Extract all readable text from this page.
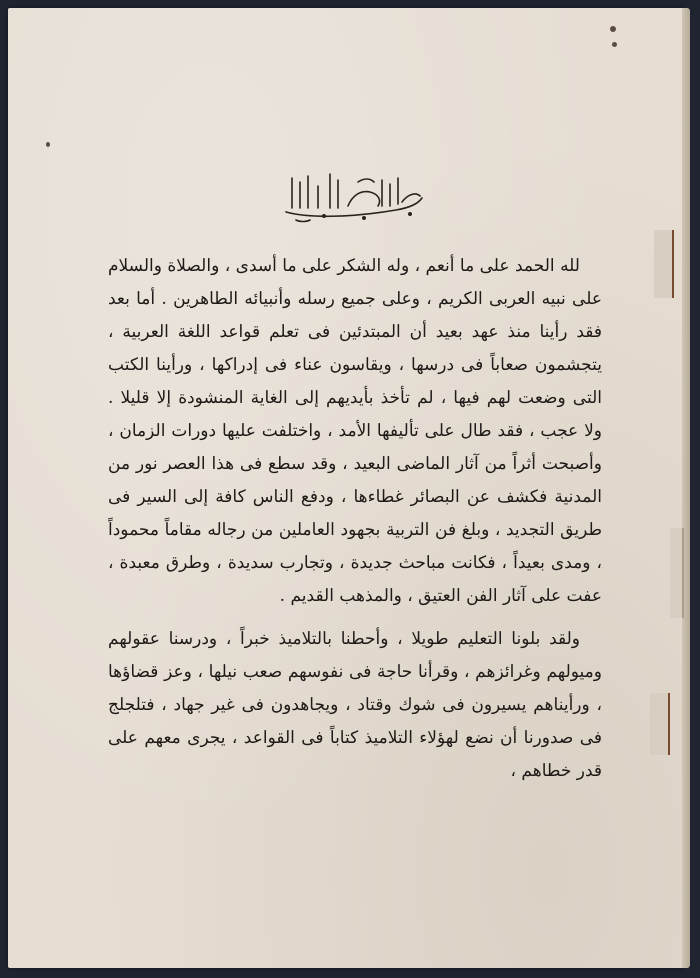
لله الحمد على ما أنعم ، وله الشكر على ما أسدى ، والصلاة والسلام على نبيه العربى الكريم ، وعلى جميع رسله وأنبيائه الطاهرين . أما بعد فقد رأينا منذ عهد بعيد أن المبتدئين فى تعلم قواعد اللغة العربية ، يتجشمون صعاباً فى درسها ، ويقاسون عناء فى إدراكها ، ورأينا الكتب التى وضعت لهم فيها ، لم تأخذ بأيديهم إلى الغاية المنشودة إلا قليلا . ولا عجب ، فقد طال على تأليفها الأمد ، واختلفت عليها دورات الزمان ، وأصبحت أثراً من آثار الماضى البعيد ، وقد سطع فى هذا العصر نور من المدنية فكشف عن البصائر غطاءها ، ودفع الناس كافة إلى السير فى طريق التجديد ، وبلغ فن التربية بجهود العاملين من رجاله مقاماً محموداً ، ومدى بعيداً ، فكانت مباحث جديدة ، وتجارب سديدة ، وطرق معبدة ، عفت على آثار الفن العتيق ، والمذهب القديم .

ولقد بلونا التعليم طويلا ، وأحطنا بالتلاميذ خبراً ، ودرسنا عقولهم وميولهم وغرائزهم ، وقرأنا حاجة فى نفوسهم صعب نيلها ، وعز قضاؤها ، ورأيناهم يسيرون فى شوك وقتاد ، ويجاهدون فى غير جهاد ، فتلجلج فى صدورنا أن نضع لهؤلاء التلاميذ كتاباً فى القواعد ، يجرى معهم على قدر خطاهم ،
